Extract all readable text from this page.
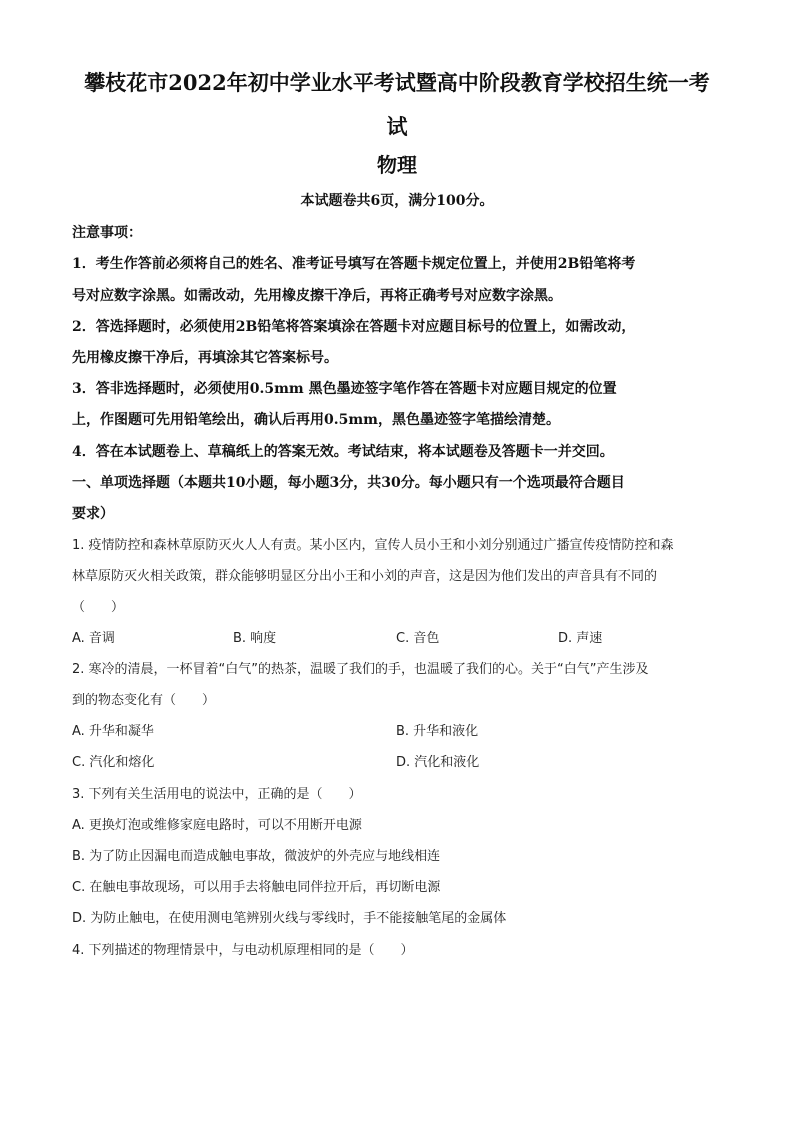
攀枝花市2022年初中学业水平考试暨高中阶段教育学校招生统一考
试
物理
本试题卷共6页，满分100分。
注意事项：
1．考生作答前必须将自己的姓名、准考证号填写在答题卡规定位置上，并使用2B铅笔将考
号对应数字涂黑。如需改动，先用橡皮擦干净后，再将正确考号对应数字涂黑。
2．答选择题时，必须使用2B铅笔将答案填涂在答题卡对应题目标号的位置上，如需改动，
先用橡皮擦干净后，再填涂其它答案标号。
3．答非选择题时，必须使用0.5mm 黑色墨迹签字笔作答在答题卡对应题目规定的位置
上，作图题可先用铅笔绘出，确认后再用0.5mm，黑色墨迹签字笔描绘清楚。
4．答在本试题卷上、草稿纸上的答案无效。考试结束，将本试题卷及答题卡一并交回。
一、单项选择题（本题共10小题，每小题3分，共30分。每小题只有一个选项最符合题目
要求）
1. 疫情防控和森林草原防灭火人人有责。某小区内，宣传人员小王和小刘分别通过广播宣传疫情防控和森
林草原防灭火相关政策，群众能够明显区分出小王和小刘的声音，这是因为他们发出的声音具有不同的
（　　）
A. 音调	B. 响度	C. 音色	D. 声速
2. 寒冷的清晨，一杯冒着“白气”的热茶，温暖了我们的手，也温暖了我们的心。关于“白气”产生涉及
到的物态变化有（　　）
A. 升华和凝华	B. 升华和液化
C. 汽化和熔化	D. 汽化和液化
3. 下列有关生活用电的说法中，正确的是（　　）
A. 更换灯泡或维修家庭电路时，可以不用断开电源
B. 为了防止因漏电而造成触电事故，微波炉的外壳应与地线相连
C. 在触电事故现场，可以用手去将触电同伴拉开后，再切断电源
D. 为防止触电，在使用测电笔辨别火线与零线时，手不能接触笔尾的金属体
4. 下列描述的物理情景中，与电动机原理相同的是（　　）
